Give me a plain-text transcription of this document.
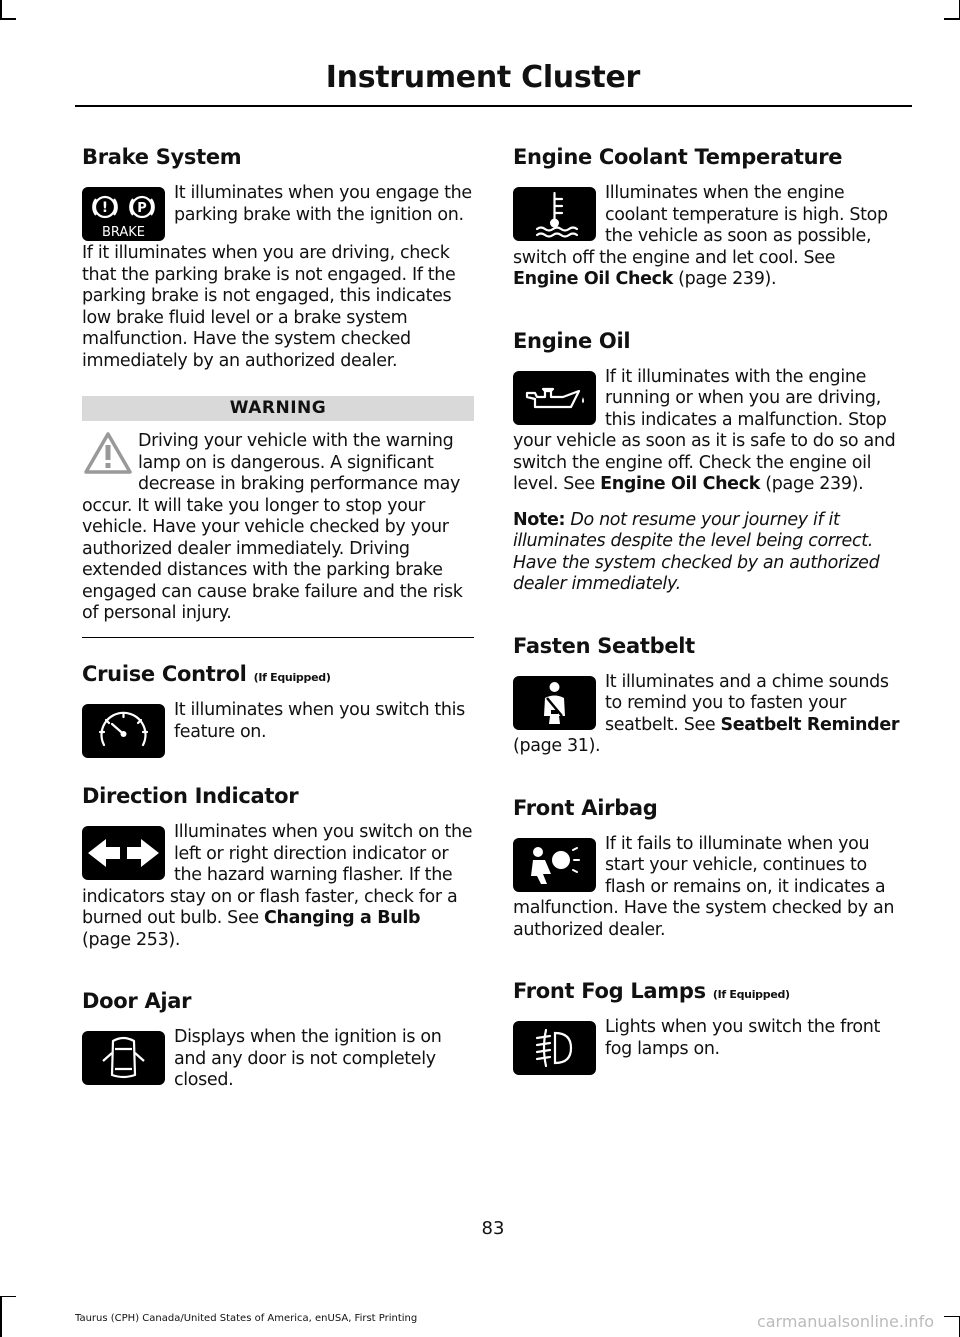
Instrument Cluster
Brake System
! P
BRAKE

It illuminates when you engage the parking brake with the ignition on.

If it illuminates when you are driving, check that the parking brake is not engaged. If the parking brake is not engaged, this indicates low brake fluid level or a brake system malfunction. Have the system checked immediately by an authorized dealer.

WARNING

Driving your vehicle with the warning lamp on is dangerous. A significant decrease in braking performance may occur. It will take you longer to stop your vehicle. Have your vehicle checked by your authorized dealer immediately. Driving extended distances with the parking brake engaged can cause brake failure and the risk of personal injury.

Cruise Control (If Equipped)

It illuminates when you switch this feature on.

Direction Indicator

Illuminates when you switch on the left or right direction indicator or the hazard warning flasher. If the indicators stay on or flash faster, check for a burned out bulb. See Changing a Bulb (page 253).

Door Ajar

Displays when the ignition is on and any door is not completely closed.

Engine Coolant Temperature

Illuminates when the engine coolant temperature is high. Stop the vehicle as soon as possible, switch off the engine and let cool. See Engine Oil Check (page 239).

Engine Oil

If it illuminates with the engine running or when you are driving, this indicates a malfunction. Stop your vehicle as soon as it is safe to do so and switch the engine off. Check the engine oil level. See Engine Oil Check (page 239).

Note: Do not resume your journey if it illuminates despite the level being correct. Have the system checked by an authorized dealer immediately.

Fasten Seatbelt

It illuminates and a chime sounds to remind you to fasten your seatbelt. See Seatbelt Reminder (page 31).

Front Airbag

If it fails to illuminate when you start your vehicle, continues to flash or remains on, it indicates a malfunction. Have the system checked by an authorized dealer.

Front Fog Lamps (If Equipped)

Lights when you switch the front fog lamps on.

83
Taurus (CPH) Canada/United States of America, enUSA, First Printing	carmanualsonline.info
